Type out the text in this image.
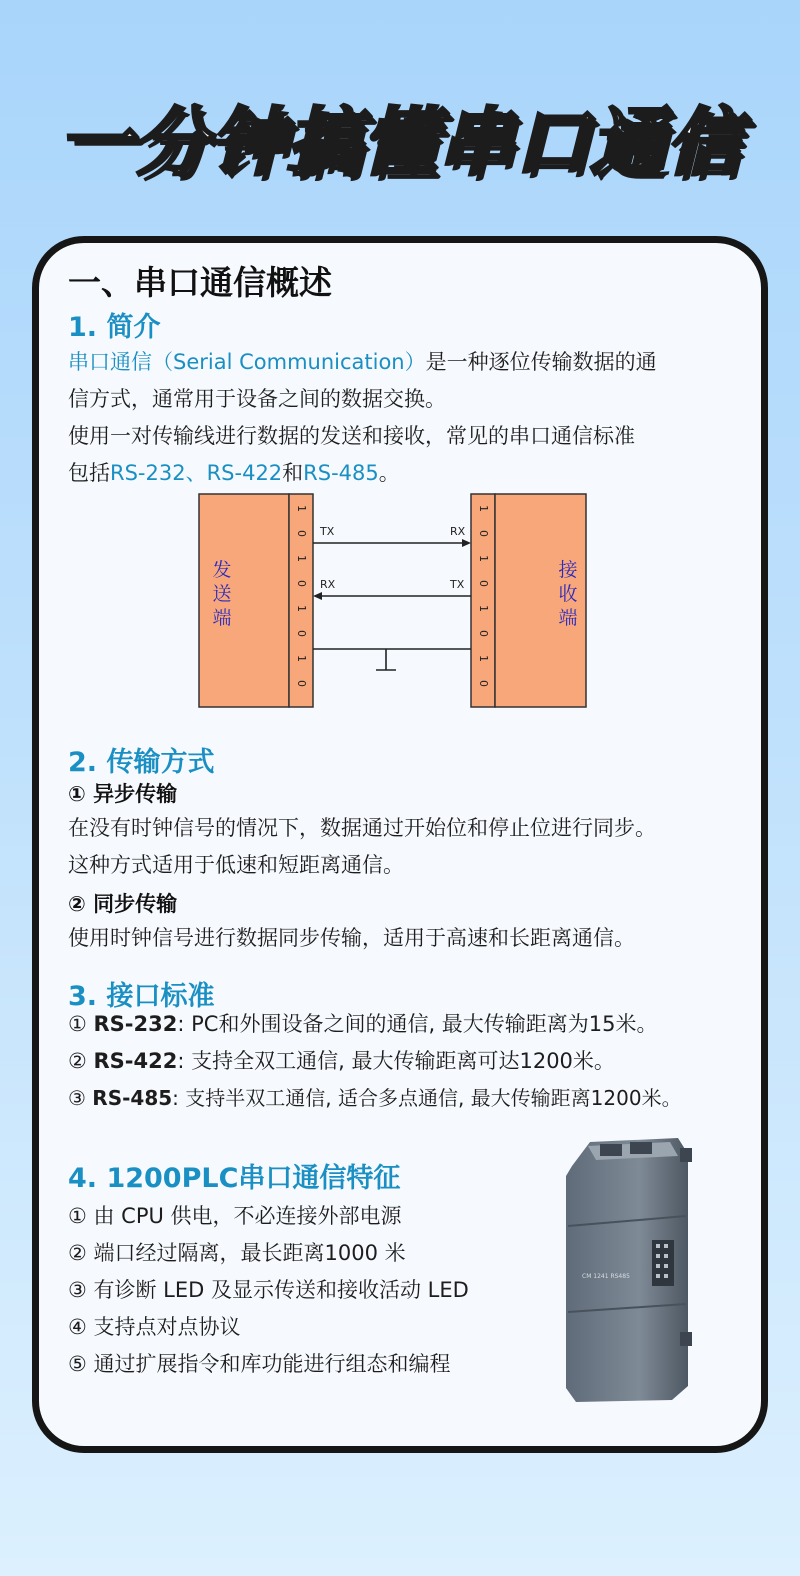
一分钟搞懂串口通信
一、串口通信概述
1. 简介
串口通信（Serial Communication）是一种逐位传输数据的通
信方式，通常用于设备之间的数据交换。
使用一对传输线进行数据的发送和接收，常见的串口通信标准
包括RS-232、RS-422和RS-485。
发
送
端
接
收
端
1
0
1
0
1
0
1
0
1
0
1
0
1
0
1
0
TX	RX
RX	TX
2. 传输方式
① 异步传输
在没有时钟信号的情况下，数据通过开始位和停止位进行同步。
这种方式适用于低速和短距离通信。
② 同步传输
使用时钟信号进行数据同步传输，适用于高速和长距离通信。
3. 接口标准
① RS-232: PC和外围设备之间的通信, 最大传输距离为15米。
② RS-422: 支持全双工通信, 最大传输距离可达1200米。
③ RS-485: 支持半双工通信, 适合多点通信, 最大传输距离1200米。
4. 1200PLC串口通信特征
① 由 CPU 供电，不必连接外部电源
② 端口经过隔离，最长距离1000 米
③ 有诊断 LED 及显示传送和接收活动 LED
④ 支持点对点协议
⑤ 通过扩展指令和库功能进行组态和编程
CM 1241 RS485
